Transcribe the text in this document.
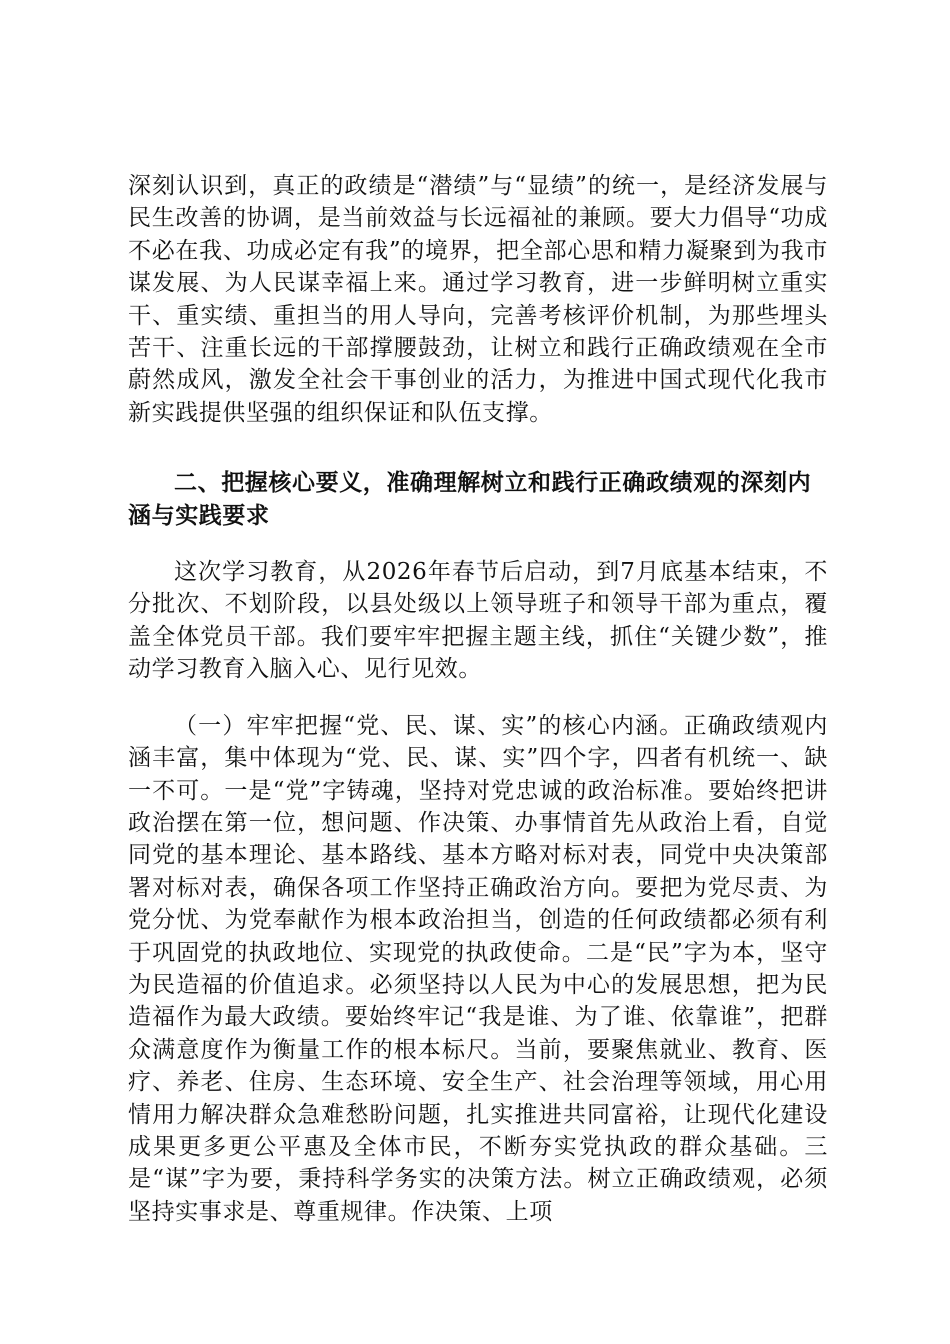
深刻认识到，真正的政绩是“潜绩”与“显绩”的统一，是经济发展与民生改善的协调，是当前效益与长远福祉的兼顾。要大力倡导“功成不必在我、功成必定有我”的境界，把全部心思和精力凝聚到为我市谋发展、为人民谋幸福上来。通过学习教育，进一步鲜明树立重实干、重实绩、重担当的用人导向，完善考核评价机制，为那些埋头苦干、注重长远的干部撑腰鼓劲，让树立和践行正确政绩观在全市蔚然成风，激发全社会干事创业的活力，为推进中国式现代化我市新实践提供坚强的组织保证和队伍支撑。

二、把握核心要义，准确理解树立和践行正确政绩观的深刻内涵与实践要求

这次学习教育，从2026年春节后启动，到7月底基本结束，不分批次、不划阶段，以县处级以上领导班子和领导干部为重点，覆盖全体党员干部。我们要牢牢把握主题主线，抓住“关键少数”，推动学习教育入脑入心、见行见效。

（一）牢牢把握“党、民、谋、实”的核心内涵。正确政绩观内涵丰富，集中体现为“党、民、谋、实”四个字，四者有机统一、缺一不可。一是“党”字铸魂，坚持对党忠诚的政治标准。要始终把讲政治摆在第一位，想问题、作决策、办事情首先从政治上看，自觉同党的基本理论、基本路线、基本方略对标对表，同党中央决策部署对标对表，确保各项工作坚持正确政治方向。要把为党尽责、为党分忧、为党奉献作为根本政治担当，创造的任何政绩都必须有利于巩固党的执政地位、实现党的执政使命。二是“民”字为本，坚守为民造福的价值追求。必须坚持以人民为中心的发展思想，把为民造福作为最大政绩。要始终牢记“我是谁、为了谁、依靠谁”，把群众满意度作为衡量工作的根本标尺。当前，要聚焦就业、教育、医疗、养老、住房、生态环境、安全生产、社会治理等领域，用心用情用力解决群众急难愁盼问题，扎实推进共同富裕，让现代化建设成果更多更公平惠及全体市民，不断夯实党执政的群众基础。三是“谋”字为要，秉持科学务实的决策方法。树立正确政绩观，必须坚持实事求是、尊重规律。作决策、上项
